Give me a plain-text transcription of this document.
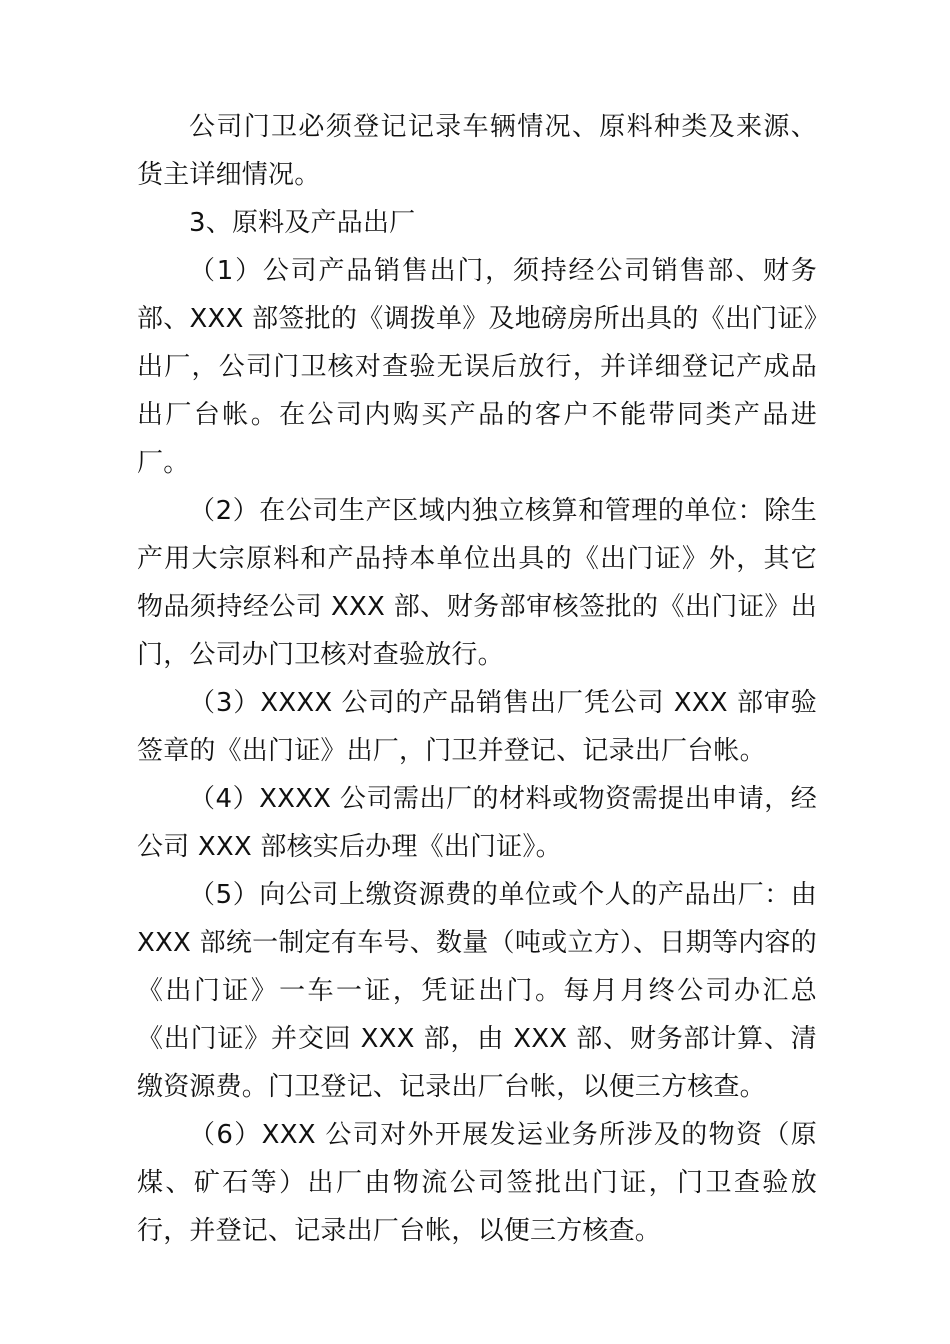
公司门卫必须登记记录车辆情况、原料种类及来源、货主详细情况。

3、原料及产品出厂

（1）公司产品销售出门，须持经公司销售部、财务部、XXX 部签批的《调拨单》及地磅房所出具的《出门证》出厂，公司门卫核对查验无误后放行，并详细登记产成品出厂台帐。在公司内购买产品的客户不能带同类产品进厂。

（2）在公司生产区域内独立核算和管理的单位：除生产用大宗原料和产品持本单位出具的《出门证》外，其它物品须持经公司 XXX 部、财务部审核签批的《出门证》出门，公司办门卫核对查验放行。

（3）XXXX 公司的产品销售出厂凭公司 XXX 部审验签章的《出门证》出厂，门卫并登记、记录出厂台帐。

（4）XXXX 公司需出厂的材料或物资需提出申请，经公司 XXX 部核实后办理《出门证》。

（5）向公司上缴资源费的单位或个人的产品出厂：由 XXX 部统一制定有车号、数量（吨或立方）、日期等内容的《出门证》一车一证，凭证出门。每月月终公司办汇总《出门证》并交回 XXX 部，由 XXX 部、财务部计算、清缴资源费。门卫登记、记录出厂台帐，以便三方核查。

（6）XXX 公司对外开展发运业务所涉及的物资（原煤、矿石等）出厂由物流公司签批出门证，门卫查验放行，并登记、记录出厂台帐，以便三方核查。
